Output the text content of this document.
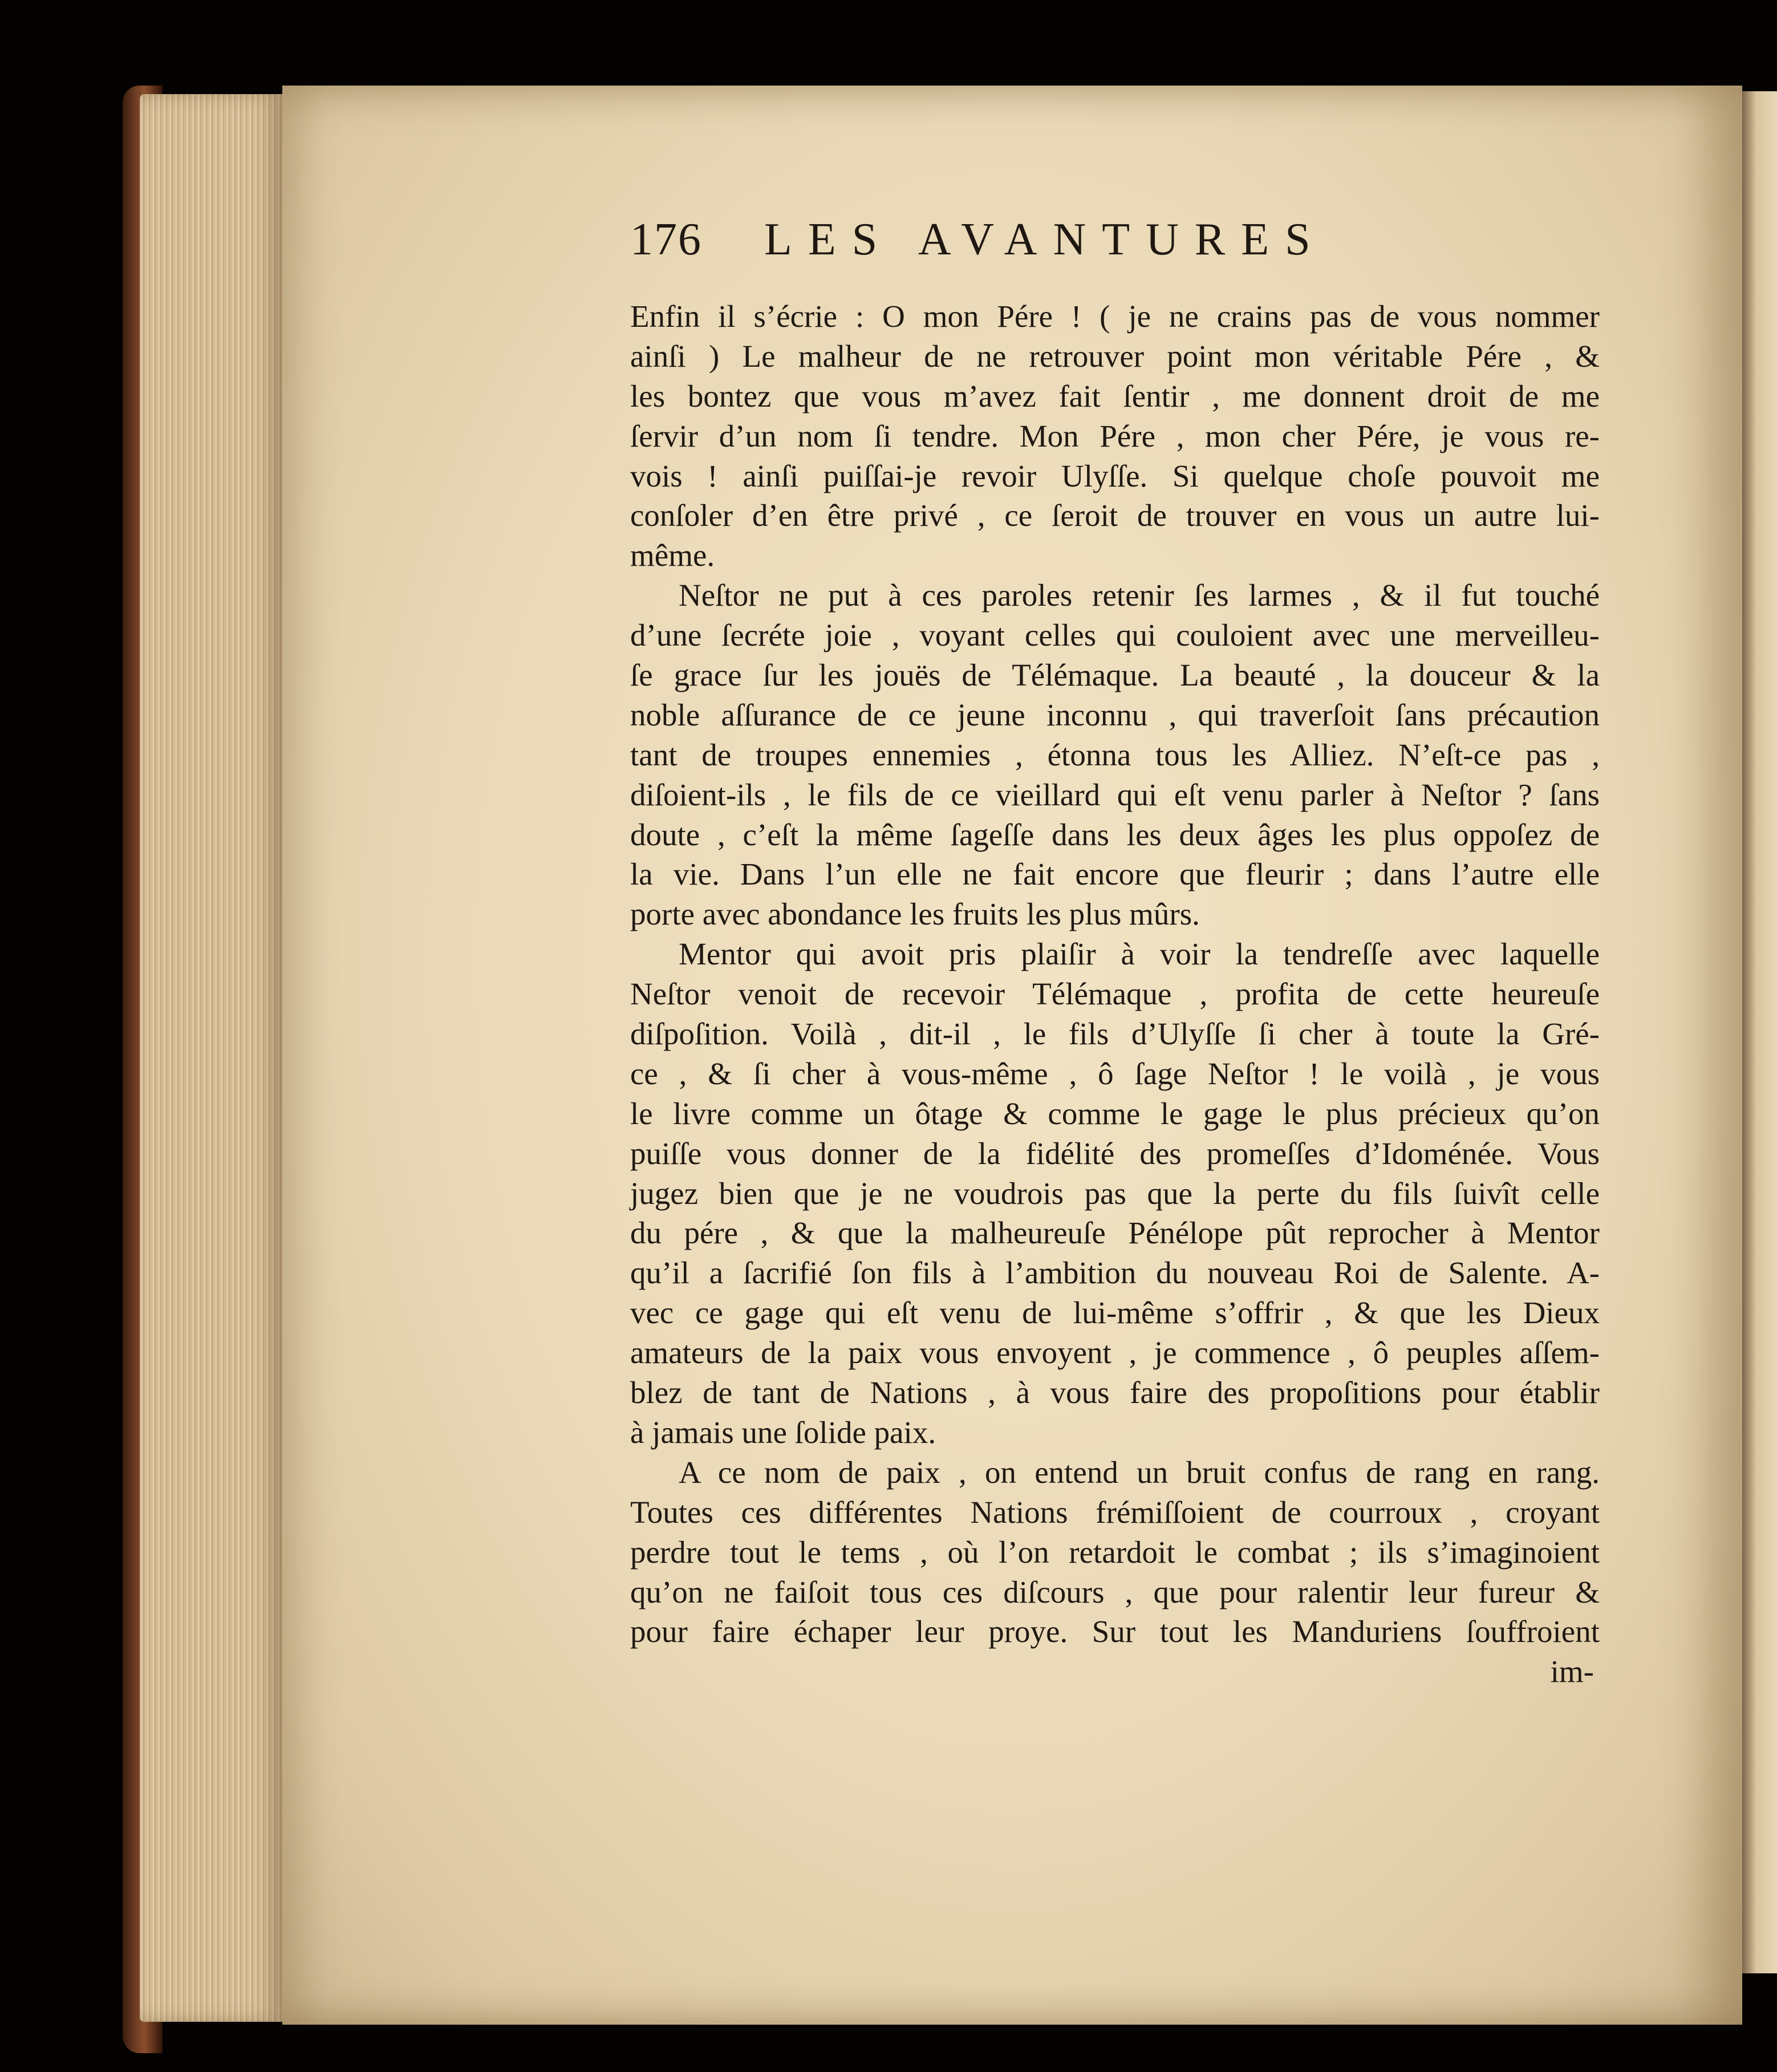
176 LES AVANTURES
Enfin il s’écrie : O mon Pére ! ( je ne crains pas de vous nommer
ainſi ) Le malheur de ne retrouver point mon véritable Pére , &
les bontez que vous m’avez fait ſentir , me donnent droit de me
ſervir d’un nom ſi tendre. Mon Pére , mon cher Pére, je vous re-
vois ! ainſi puiſſai-je revoir Ulyſſe. Si quelque choſe pouvoit me
conſoler d’en être privé , ce ſeroit de trouver en vous un autre lui-
même.
Neſtor ne put à ces paroles retenir ſes larmes , & il fut touché
d’une ſecréte joie , voyant celles qui couloient avec une merveilleu-
ſe grace ſur les jouës de Télémaque. La beauté , la douceur & la
noble aſſurance de ce jeune inconnu , qui traverſoit ſans précaution
tant de troupes ennemies , étonna tous les Alliez. N’eſt-ce pas ,
diſoient-ils , le fils de ce vieillard qui eſt venu parler à Neſtor ? ſans
doute , c’eſt la même ſageſſe dans les deux âges les plus oppoſez de
la vie. Dans l’un elle ne fait encore que fleurir ; dans l’autre elle
porte avec abondance les fruits les plus mûrs.
Mentor qui avoit pris plaiſir à voir la tendreſſe avec laquelle
Neſtor venoit de recevoir Télémaque , profita de cette heureuſe
diſpoſition. Voilà , dit-il , le fils d’Ulyſſe ſi cher à toute la Gré-
ce , & ſi cher à vous-même , ô ſage Neſtor ! le voilà , je vous
le livre comme un ôtage & comme le gage le plus précieux qu’on
puiſſe vous donner de la fidélité des promeſſes d’Idoménée. Vous
jugez bien que je ne voudrois pas que la perte du fils ſuivît celle
du pére , & que la malheureuſe Pénélope pût reprocher à Mentor
qu’il a ſacrifié ſon fils à l’ambition du nouveau Roi de Salente. A-
vec ce gage qui eſt venu de lui-même s’offrir , & que les Dieux
amateurs de la paix vous envoyent , je commence , ô peuples aſſem-
blez de tant de Nations , à vous faire des propoſitions pour établir
à jamais une ſolide paix.
A ce nom de paix , on entend un bruit confus de rang en rang.
Toutes ces différentes Nations frémiſſoient de courroux , croyant
perdre tout le tems , où l’on retardoit le combat ; ils s’imaginoient
qu’on ne faiſoit tous ces diſcours , que pour ralentir leur fureur &
pour faire échaper leur proye. Sur tout les Manduriens ſouffroient
im-
